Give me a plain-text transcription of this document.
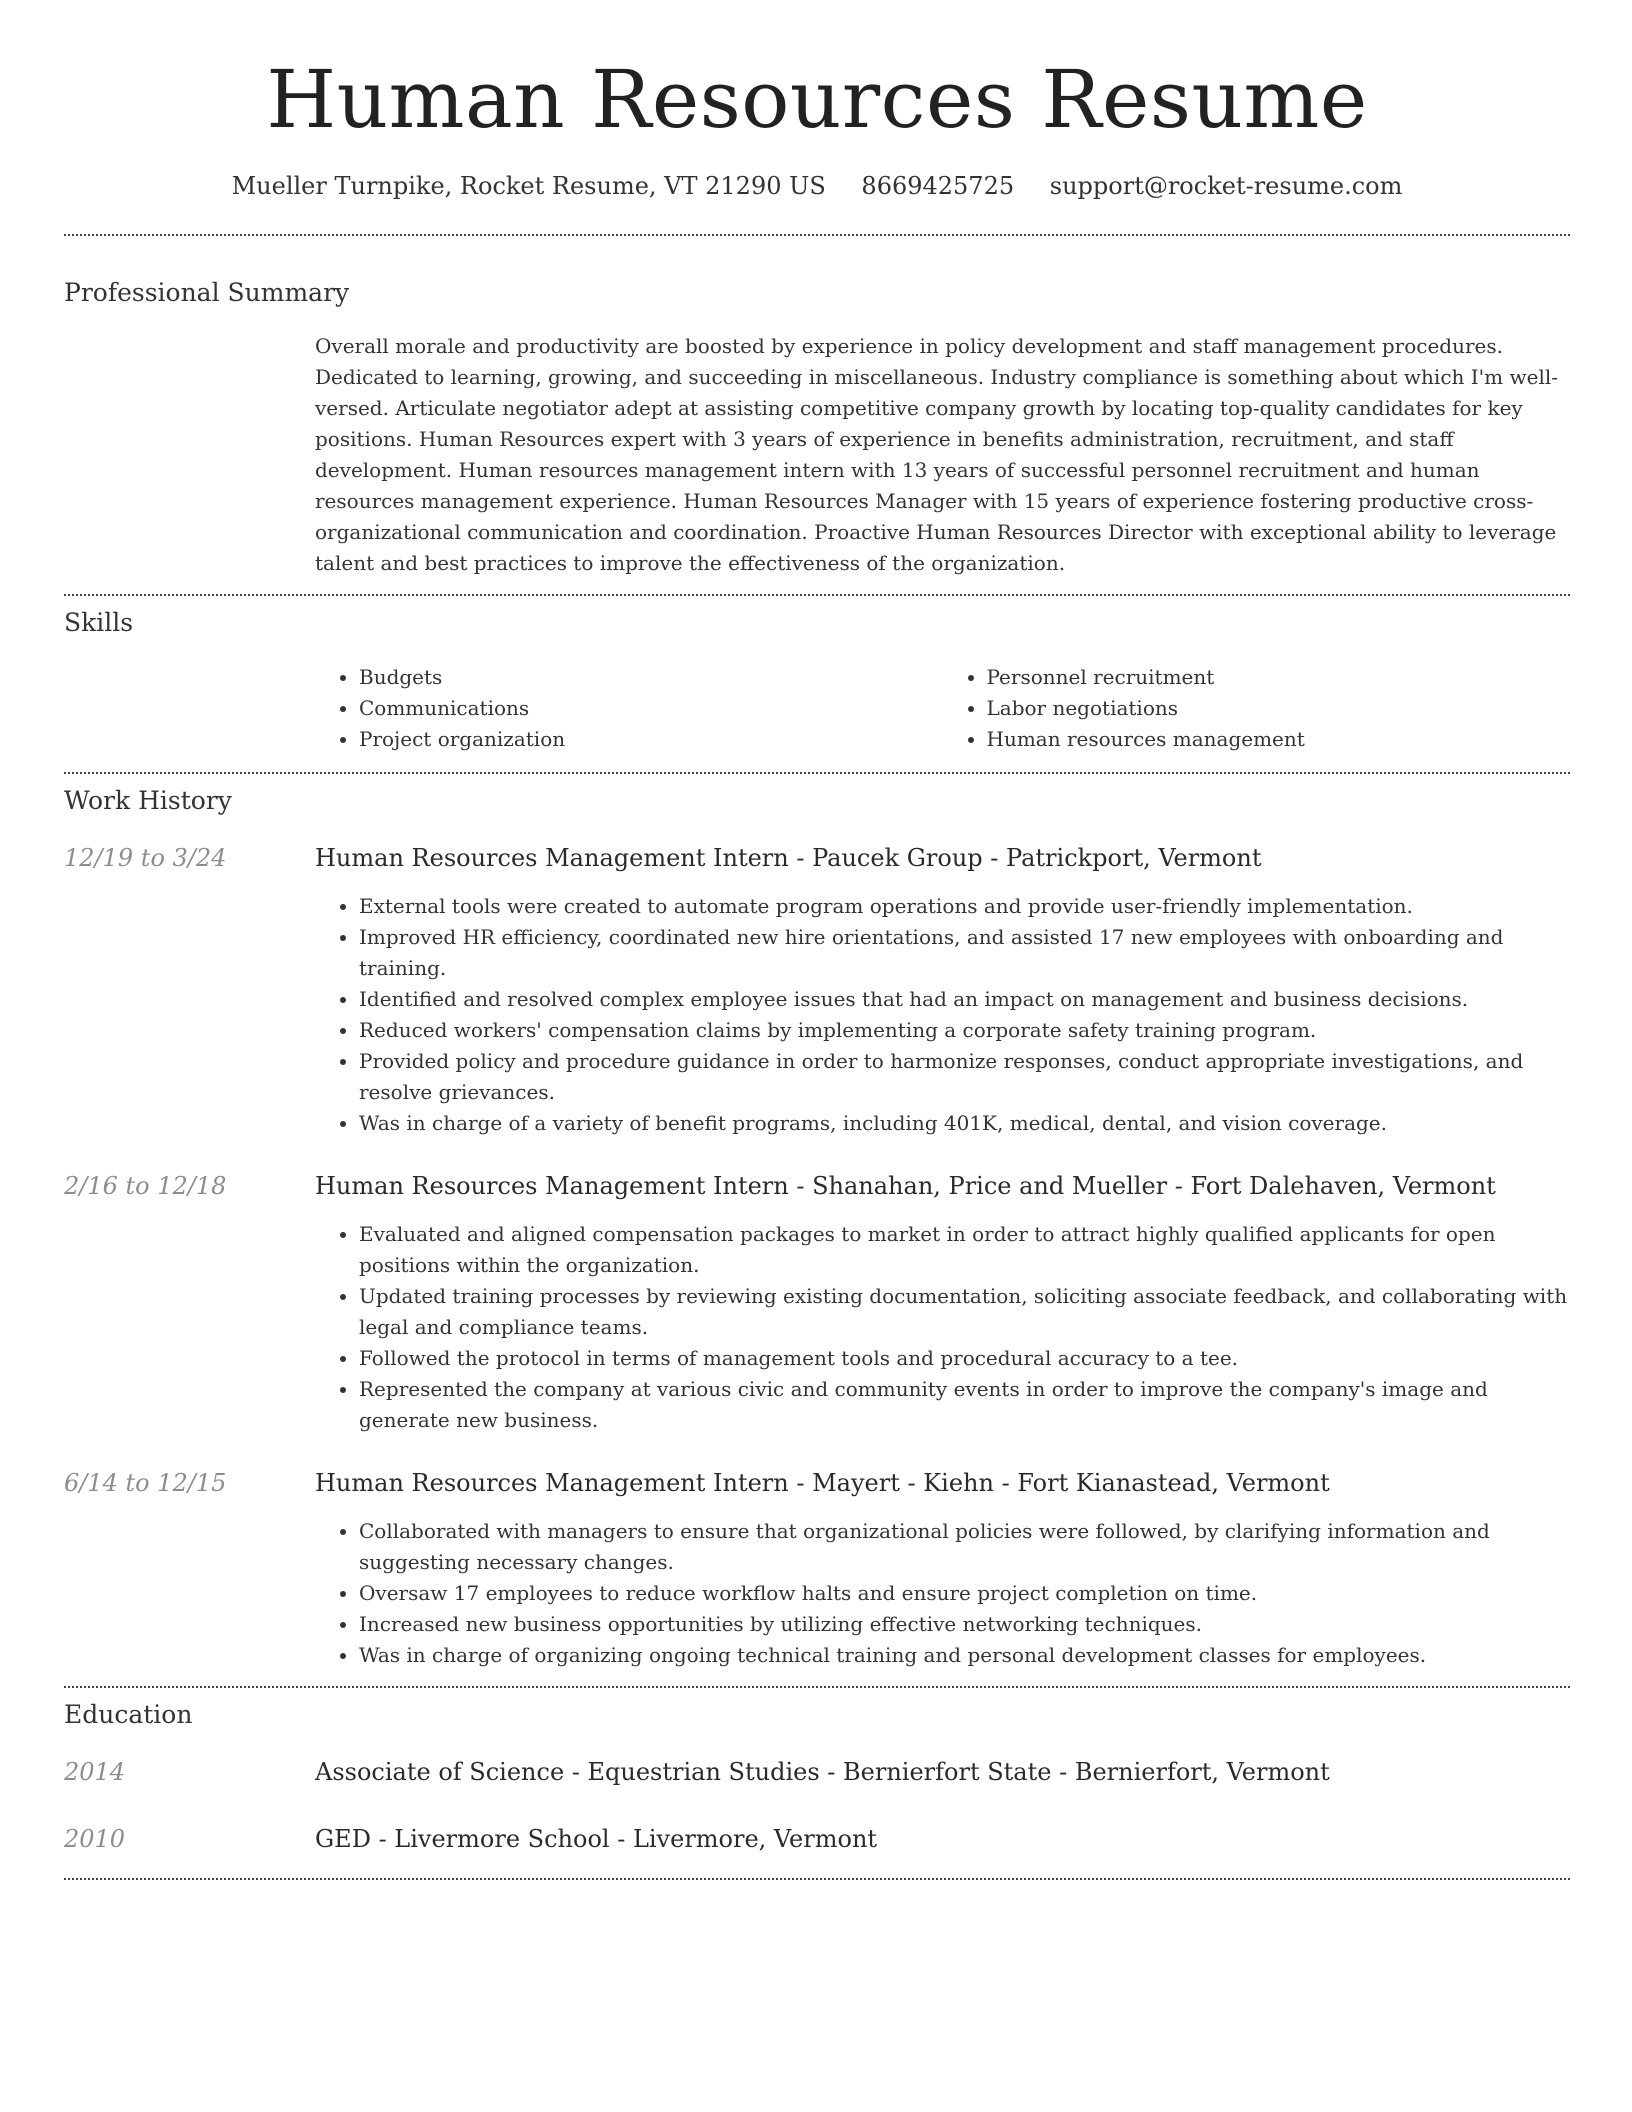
Human Resources Resume
Mueller Turnpike, Rocket Resume, VT 21290 US 8669425725 support@rocket-resume.com
Professional Summary

Overall morale and productivity are boosted by experience in policy development and staff management procedures. Dedicated to learning, growing, and succeeding in miscellaneous. Industry compliance is something about which I'm well-versed. Articulate negotiator adept at assisting competitive company growth by locating top-quality candidates for key positions. Human Resources expert with 3 years of experience in benefits administration, recruitment, and staff development. Human resources management intern with 13 years of successful personnel recruitment and human resources management experience. Human Resources Manager with 15 years of experience fostering productive cross-organizational communication and coordination. Proactive Human Resources Director with exceptional ability to leverage talent and best practices to improve the effectiveness of the organization.

Skills
• Budgets
• Communications
• Project organization
• Personnel recruitment
• Labor negotiations
• Human resources management
Work History
12/19 to 3/24	Human Resources Management Intern - Paucek Group - Patrickport, Vermont
• External tools were created to automate program operations and provide user-friendly implementation.
• Improved HR efficiency, coordinated new hire orientations, and assisted 17 new employees with onboarding and training.
• Identified and resolved complex employee issues that had an impact on management and business decisions.
• Reduced workers' compensation claims by implementing a corporate safety training program.
• Provided policy and procedure guidance in order to harmonize responses, conduct appropriate investigations, and resolve grievances.
• Was in charge of a variety of benefit programs, including 401K, medical, dental, and vision coverage.
2/16 to 12/18	Human Resources Management Intern - Shanahan, Price and Mueller - Fort Dalehaven, Vermont
• Evaluated and aligned compensation packages to market in order to attract highly qualified applicants for open positions within the organization.
• Updated training processes by reviewing existing documentation, soliciting associate feedback, and collaborating with legal and compliance teams.
• Followed the protocol in terms of management tools and procedural accuracy to a tee.
• Represented the company at various civic and community events in order to improve the company's image and generate new business.
6/14 to 12/15	Human Resources Management Intern - Mayert - Kiehn - Fort Kianastead, Vermont
• Collaborated with managers to ensure that organizational policies were followed, by clarifying information and suggesting necessary changes.
• Oversaw 17 employees to reduce workflow halts and ensure project completion on time.
• Increased new business opportunities by utilizing effective networking techniques.
• Was in charge of organizing ongoing technical training and personal development classes for employees.
Education
2014	Associate of Science - Equestrian Studies - Bernierfort State - Bernierfort, Vermont
2010	GED - Livermore School - Livermore, Vermont
